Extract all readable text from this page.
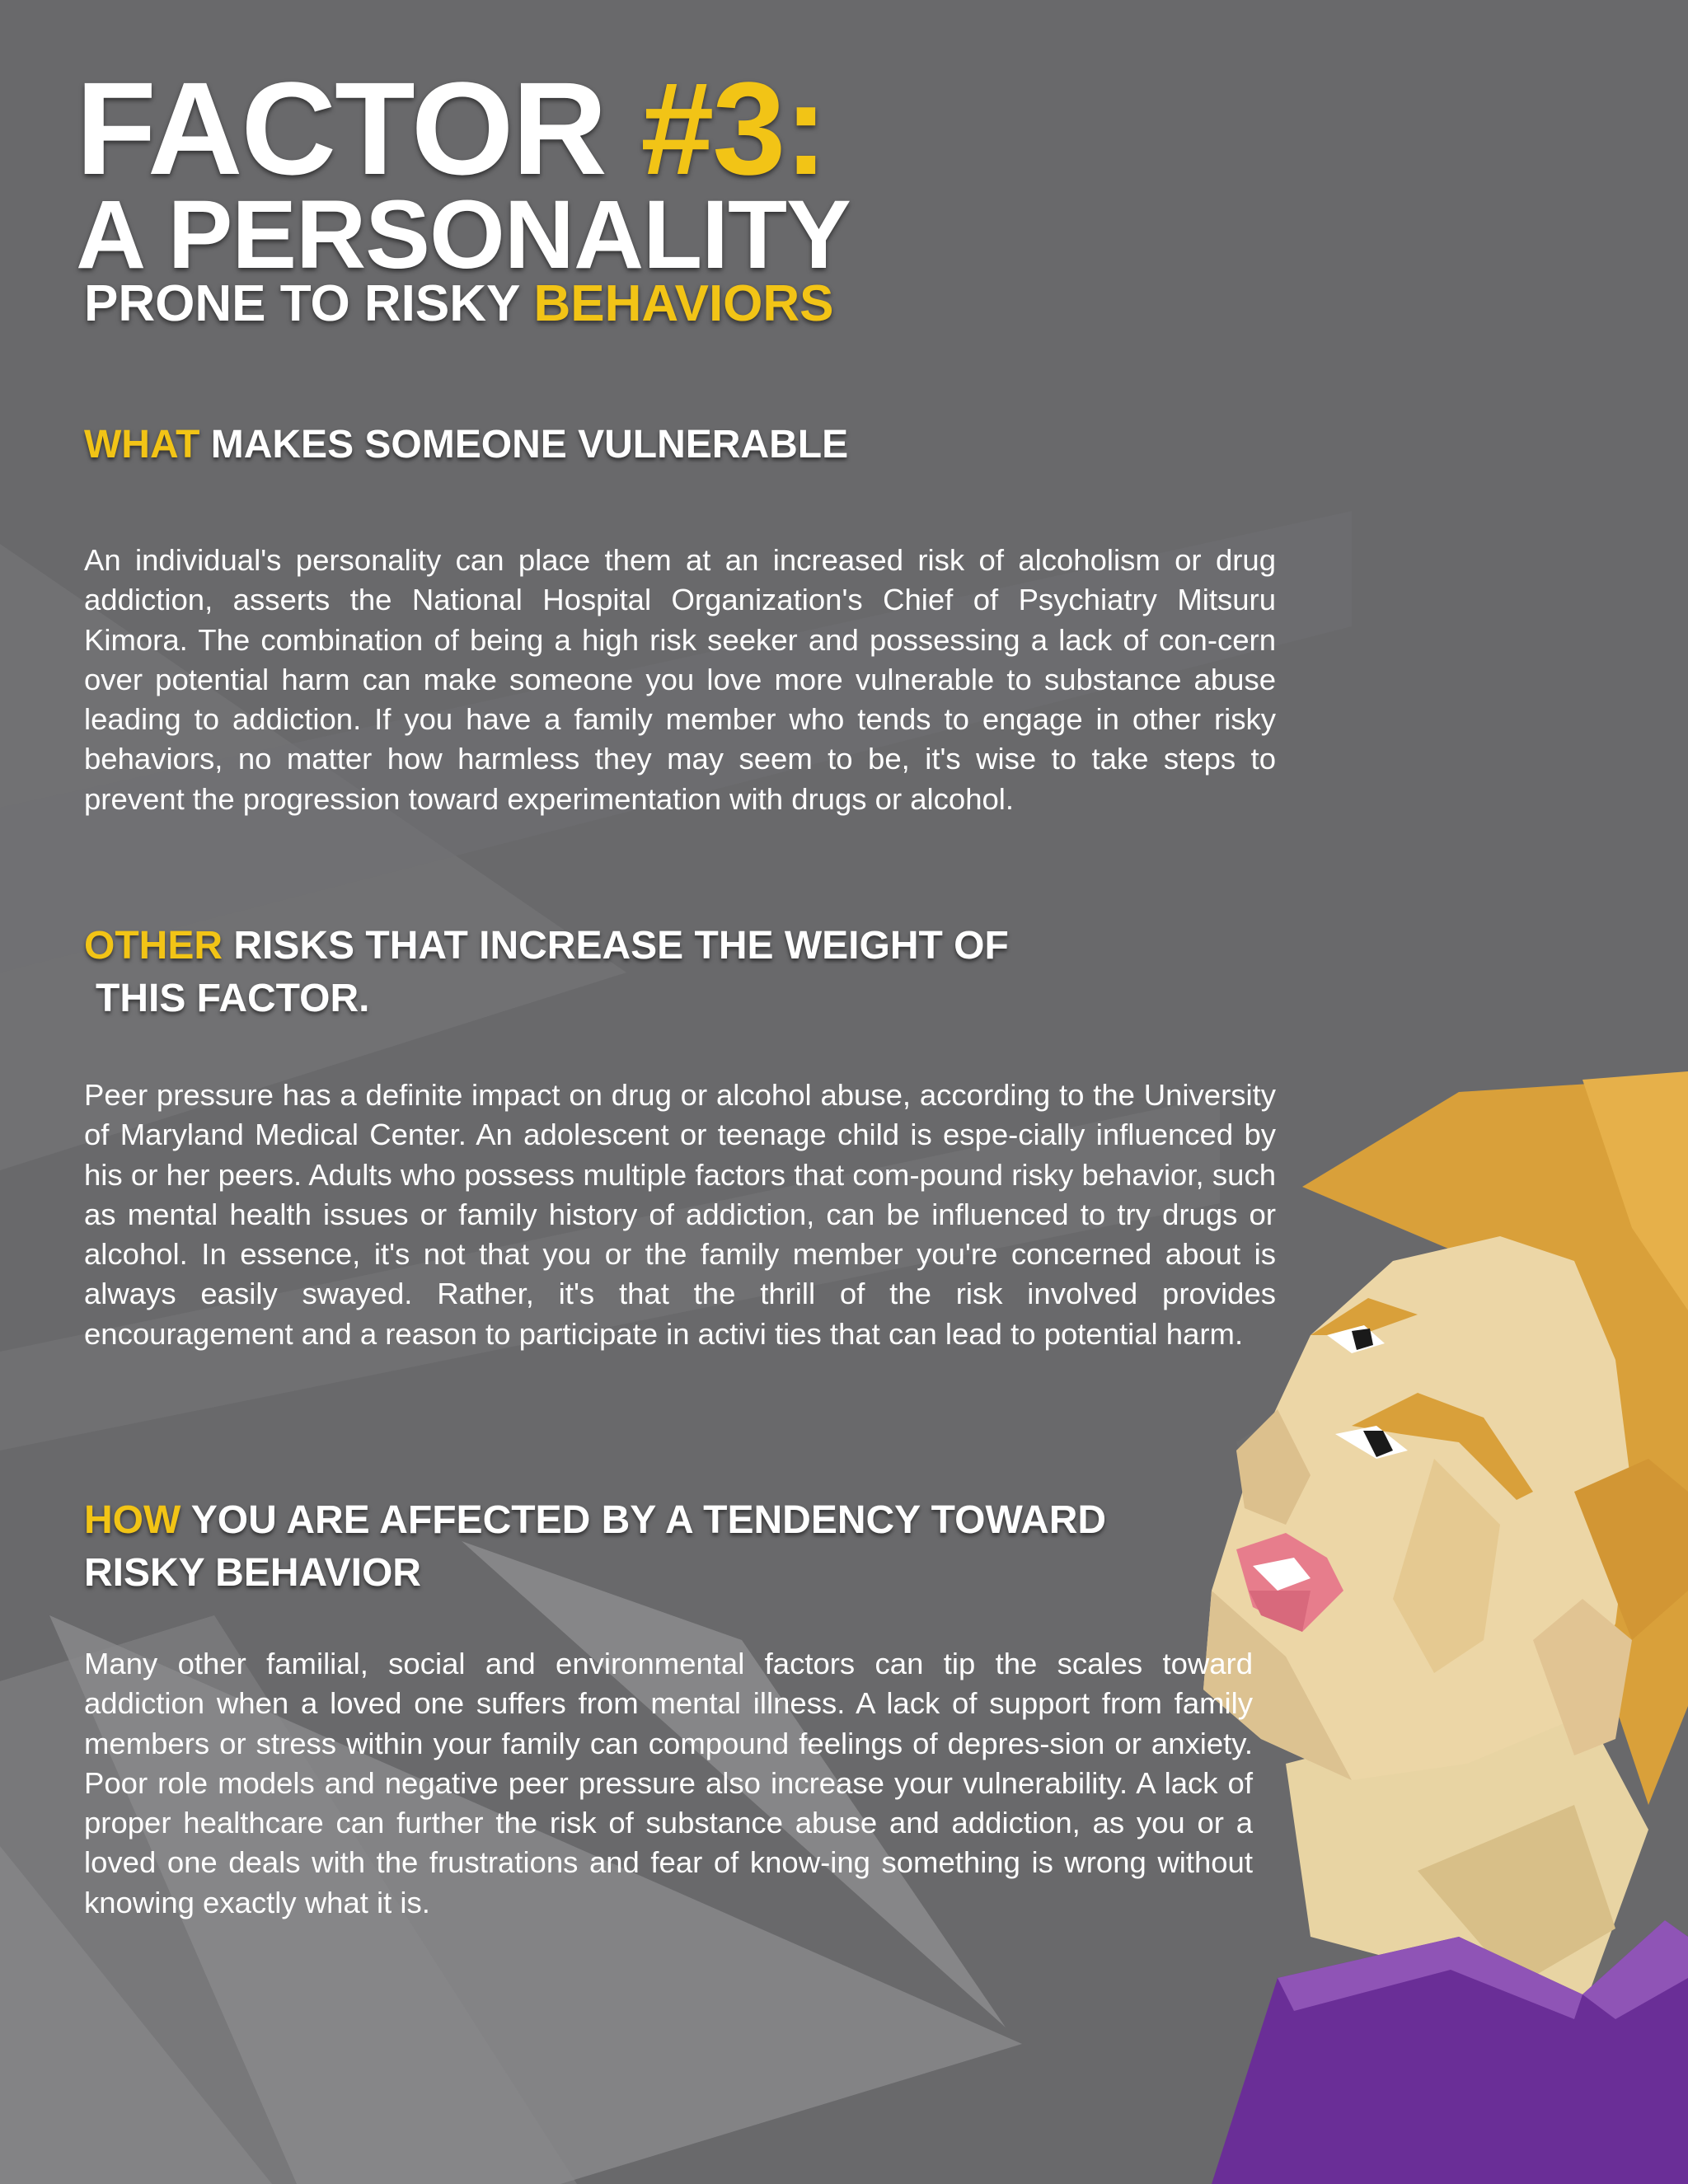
FACTOR #3:
A PERSONALITY
PRONE TO RISKY BEHAVIORS
WHAT MAKES SOMEONE VULNERABLE

An individual's personality can place them at an increased risk of alcoholism or drug addiction, asserts the National Hospital Organization's Chief of Psychiatry Mitsuru Kimora. The combination of being a high risk seeker and possessing a lack of con-cern over potential harm can make someone you love more vulnerable to substance abuse leading to addiction. If you have a family member who tends to engage in other risky behaviors, no matter how harmless they may seem to be, it's wise to take steps to prevent the progression toward experimentation with drugs or alcohol.

OTHER RISKS THAT INCREASE THE WEIGHT OF
THIS FACTOR.

Peer pressure has a definite impact on drug or alcohol abuse, according to the University of Maryland Medical Center. An adolescent or teenage child is espe-cially influenced by his or her peers. Adults who possess multiple factors that com-pound risky behavior, such as mental health issues or family history of addiction, can be influenced to try drugs or alcohol. In essence, it's not that you or the family member you're concerned about is always easily swayed. Rather, it's that the thrill of the risk involved provides encouragement and a reason to participate in activi ties that can lead to potential harm.

HOW YOU ARE AFFECTED BY A TENDENCY TOWARD
RISKY BEHAVIOR

Many other familial, social and environmental factors can tip the scales toward addiction when a loved one suffers from mental illness. A lack of support from family members or stress within your family can compound feelings of depres-sion or anxiety. Poor role models and negative peer pressure also increase your vulnerability. A lack of proper healthcare can further the risk of substance abuse and addiction, as you or a loved one deals with the frustrations and fear of know-ing something is wrong without knowing exactly what it is.
